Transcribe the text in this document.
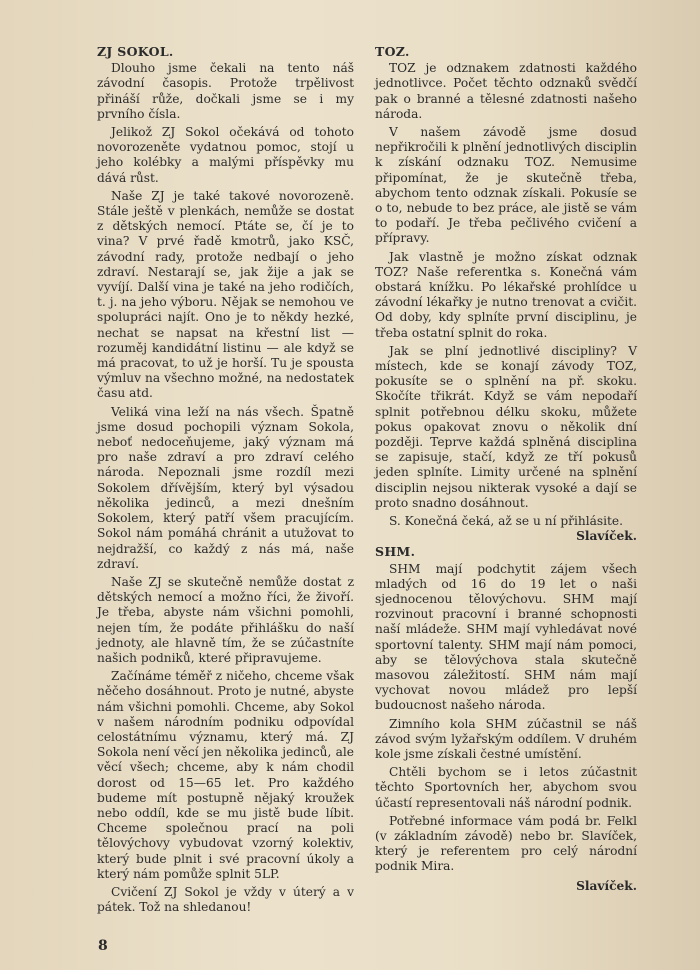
ZJ SOKOL.

Dlouho jsme čekali na tento náš závodní časopis. Protože trpělivost přináší růže, dočkali jsme se i my prvního čísla.

Jelikož ZJ Sokol očekává od tohoto novorozeněte vydatnou pomoc, stojí u jeho kolébky a malými příspěvky mu dává růst.

Naše ZJ je také takové novorozeně. Stále ještě v plenkách, nemůže se dostat z dětských nemocí. Ptáte se, čí je to vina? V prvé řadě kmotrů, jako KSČ, závodní rady, protože nedbají o jeho zdraví. Nestarají se, jak žije a jak se vyvíjí. Další vina je také na jeho rodičích, t. j. na jeho výboru. Nějak se nemohou ve spolupráci najít. Ono je to někdy hezké, nechat se napsat na křestní list — rozuměj kandidátní listinu — ale když se má pracovat, to už je horší. Tu je spousta výmluv na všechno možné, na nedostatek času atd.

Veliká vina leží na nás všech. Špatně jsme dosud pochopili význam Sokola, neboť nedoceňujeme, jaký význam má pro naše zdraví a pro zdraví celého národa. Nepoznali jsme rozdíl mezi Sokolem dřívějším, který byl výsadou několika jedinců, a mezi dnešním Sokolem, který patří všem pracujícím. Sokol nám pomáhá chránit a utužovat to nejdražší, co každý z nás má, naše zdraví.

Naše ZJ se skutečně nemůže dostat z dětských nemocí a možno říci, že živoří. Je třeba, abyste nám všichni pomohli, nejen tím, že podáte přihlášku do naší jednoty, ale hlavně tím, že se zúčastníte našich podniků, které připravujeme.

Začínáme téměř z ničeho, chceme však něčeho dosáhnout. Proto je nutné, abyste nám všichni pomohli. Chceme, aby Sokol v našem národním podniku odpovídal celostátnímu významu, který má. ZJ Sokola není věcí jen několika jedinců, ale věcí všech; chceme, aby k nám chodil dorost od 15—65 let. Pro každého budeme mít postupně nějaký kroužek nebo oddíl, kde se mu jistě bude líbit. Chceme společnou prací na poli tělovýchovy vybudovat vzorný kolektiv, který bude plnit i své pracovní úkoly a který nám pomůže splnit 5LP.

Cvičení ZJ Sokol je vždy v úterý a v pátek. Tož na shledanou!

TOZ.

TOZ je odznakem zdatnosti každého jednotlivce. Počet těchto odznaků svědčí pak o branné a tělesné zdatnosti našeho národa.

V našem závodě jsme dosud nepřikročili k plnění jednotlivých disciplin k získání odznaku TOZ. Nemusime připomínat, že je skutečně třeba, abychom tento odznak získali. Pokusíe se o to, nebude to bez práce, ale jistě se vám to podaří. Je třeba pečlivého cvičení a přípravy.

Jak vlastně je možno získat odznak TOZ? Naše referentka s. Konečná vám obstará knížku. Po lékařské prohlídce u závodní lékařky je nutno trenovat a cvičit. Od doby, kdy splníte první disciplinu, je třeba ostatní splnit do roka.

Jak se plní jednotlivé discipliny? V místech, kde se konají závody TOZ, pokusíte se o splnění na př. skoku. Skočíte třikrát. Když se vám nepodaří splnit potřebnou délku skoku, můžete pokus opakovat znovu o několik dní později. Teprve každá splněná disciplina se zapisuje, stačí, když ze tří pokusů jeden splníte. Limity určené na splnění disciplin nejsou nikterak vysoké a dají se proto snadno dosáhnout.

S. Konečná čeká, až se u ní přihlásite.
Slavíček.

SHM.

SHM mají podchytit zájem všech mladých od 16 do 19 let o naši sjednocenou tělovýchovu. SHM mají rozvinout pracovní i branné schopnosti naší mládeže. SHM mají vyhledávat nové sportovní talenty. SHM mají nám pomoci, aby se tělovýchova stala skutečně masovou záležitostí. SHM nám mají vychovat novou mládež pro lepší budoucnost našeho národa.

Zimního kola SHM zúčastnil se náš závod svým lyžařským oddílem. V druhém kole jsme získali čestné umístění.

Chtěli bychom se i letos zúčastnit těchto Sportovních her, abychom svou účastí representovali náš národní podnik.

Potřebné informace vám podá br. Felkl (v základním závodě) nebo br. Slavíček, který je referentem pro celý národní podnik Mira.

Slavíček.
8
